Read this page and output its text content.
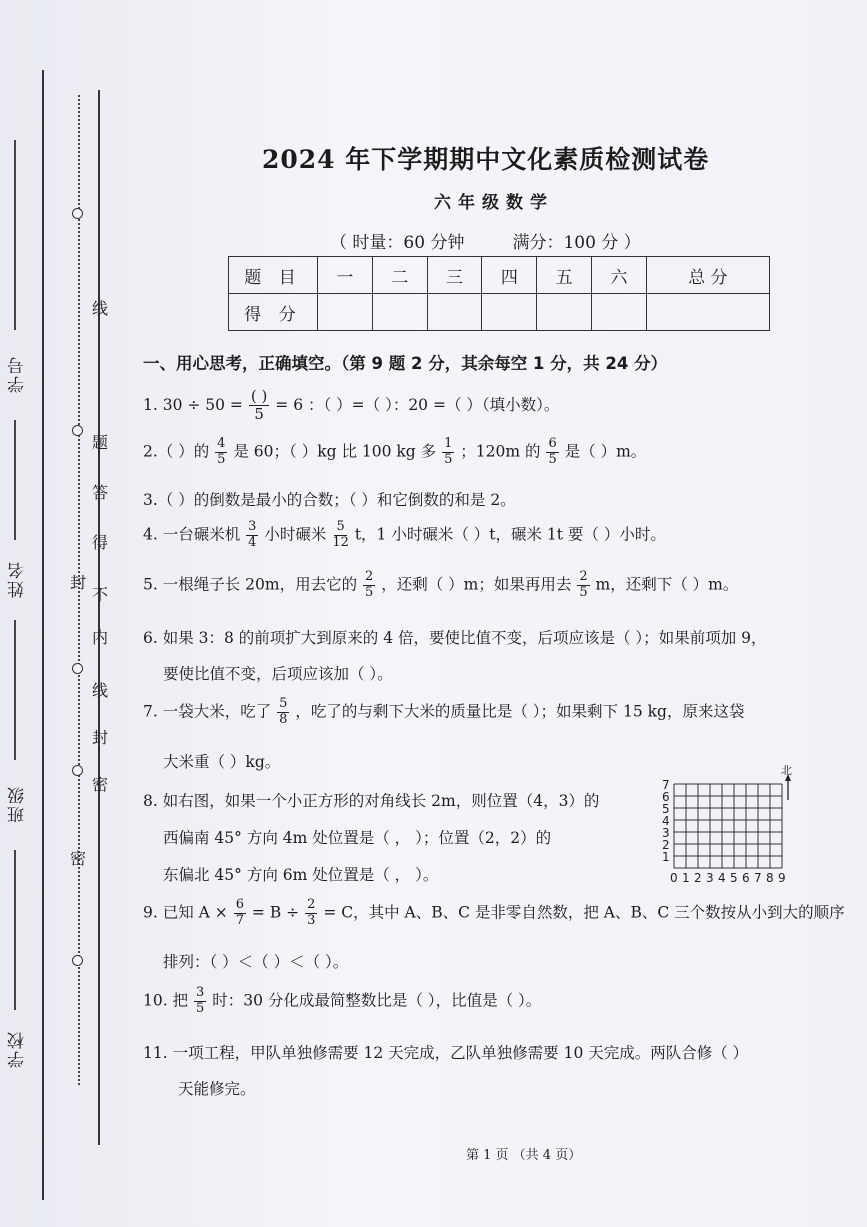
学号
姓名
班级
学校
线
题
答
得
不
内
线
封
密
封
密
2024 年下学期期中文化素质检测试卷
六年级数学
（ 时量：60 分钟	满分：100 分 ）
题 目	一	二	三	四	五	六	总 分
得 分							
一、用心思考，正确填空。（第 9 题 2 分，其余每空 1 分，共 24 分）
1. $30 \div 50 = \frac{( )}{5} = 6$ ：（ ）=（ ）：20 =（ ）（填小数）。
2.（ ）的 $\frac{4}{5}$ 是 60；（ ）kg 比 100 kg 多 $\frac{1}{5}$ ；120m 的 $\frac{6}{5}$ 是（ ）m。
3.（ ）的倒数是最小的合数；（ ）和它倒数的和是 2。
4. 一台碾米机 $\frac{3}{4}$ 小时碾米 $\frac{5}{12}$ t，1 小时碾米（ ）t，碾米 1t 要（ ）小时。
5. 一根绳子长 20m，用去它的 $\frac{2}{5}$ ，还剩（ ）m；如果再用去 $\frac{2}{5}$ m，还剩下（ ）m。
6. 如果 3：8 的前项扩大到原来的 4 倍，要使比值不变，后项应该是（ ）；如果前项加 9，
要使比值不变，后项应该加（ ）。
7. 一袋大米，吃了 $\frac{5}{8}$ ，吃了的与剩下大米的质量比是（ ）；如果剩下 15 kg，原来这袋
大米重（ ）kg。
8. 如右图，如果一个小正方形的对角线长 2m，则位置（4，3）的
西偏南 45° 方向 4m 处位置是（ ， ）；位置（2，2）的
东偏北 45° 方向 6m 处位置是（ ， ）。	0 1 2 3 4 5 6 7 8 9
7
6
5
4
3
2
1
北
9. 已知 $A \times \frac{6}{7} = B \div \frac{2}{3} = C$，其中 A、B、C 是非零自然数，把 A、B、C 三个数按从小到大的顺序
排列：（ ）＜（ ）＜（ ）。
10. 把 $\frac{3}{5}$ 时：30 分化成最简整数比是（ ），比值是（ ）。
11. 一项工程，甲队单独修需要 12 天完成，乙队单独修需要 10 天完成。两队合修（ ）
天能修完。
第 1 页 （共 4 页）
